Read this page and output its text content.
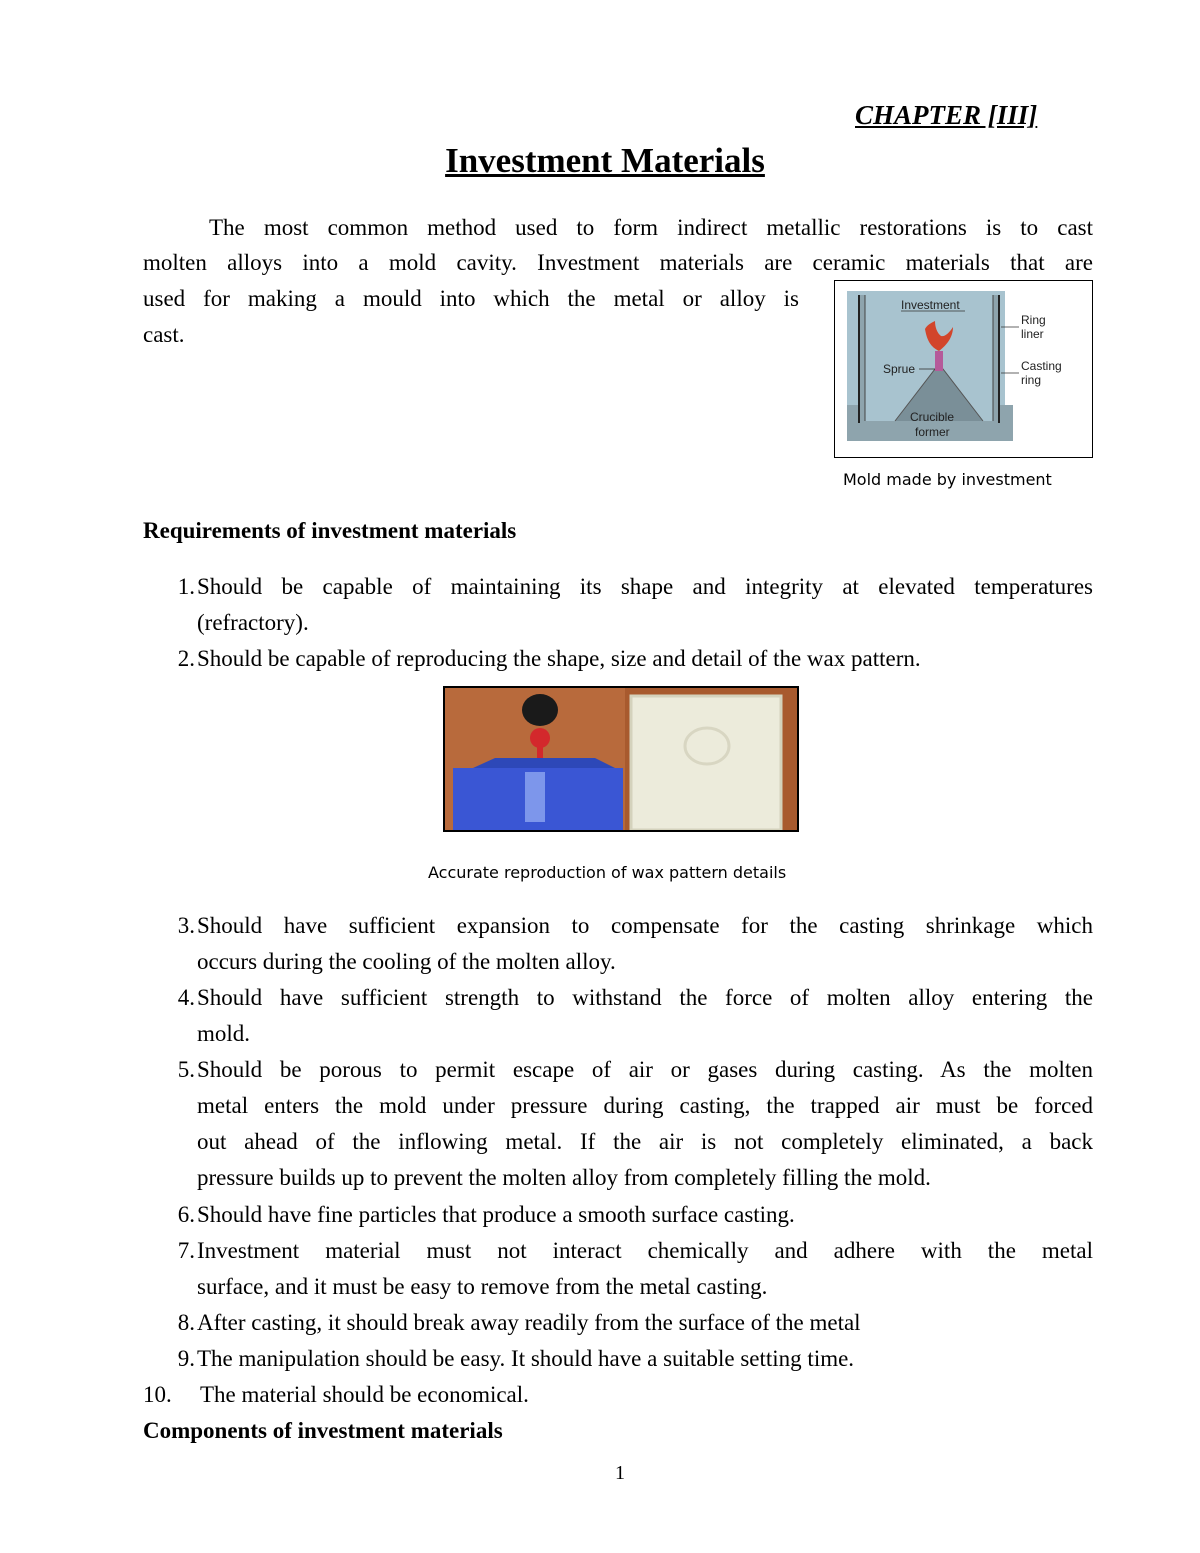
CHAPTER [III]
Investment Materials
The most common method used to form indirect metallic restorations is to cast
molten alloys into a mold cavity. Investment materials are ceramic materials that are
used for making a mould into which the metal or alloy is
cast.
Investment
Sprue
Crucible
former
Ring
liner
Casting
ring
Mold made by investment
Requirements of investment materials
1. Should be capable of maintaining its shape and integrity at elevated temperatures
(refractory).
2. Should be capable of reproducing the shape, size and detail of the wax pattern.
Accurate reproduction of wax pattern details
3. Should have sufficient expansion to compensate for the casting shrinkage which
occurs during the cooling of the molten alloy.
4. Should have sufficient strength to withstand the force of molten alloy entering the
mold.
5. Should be porous to permit escape of air or gases during casting. As the molten
metal enters the mold under pressure during casting, the trapped air must be forced
out ahead of the inflowing metal. If the air is not completely eliminated, a back
pressure builds up to prevent the molten alloy from completely filling the mold.
6. Should have fine particles that produce a smooth surface casting.
7. Investment material must not interact chemically and adhere with the metal
surface, and it must be easy to remove from the metal casting.
8. After casting, it should break away readily from the surface of the metal
9. The manipulation should be easy. It should have a suitable setting time.
10.	The material should be economical.
Components of investment materials
1
